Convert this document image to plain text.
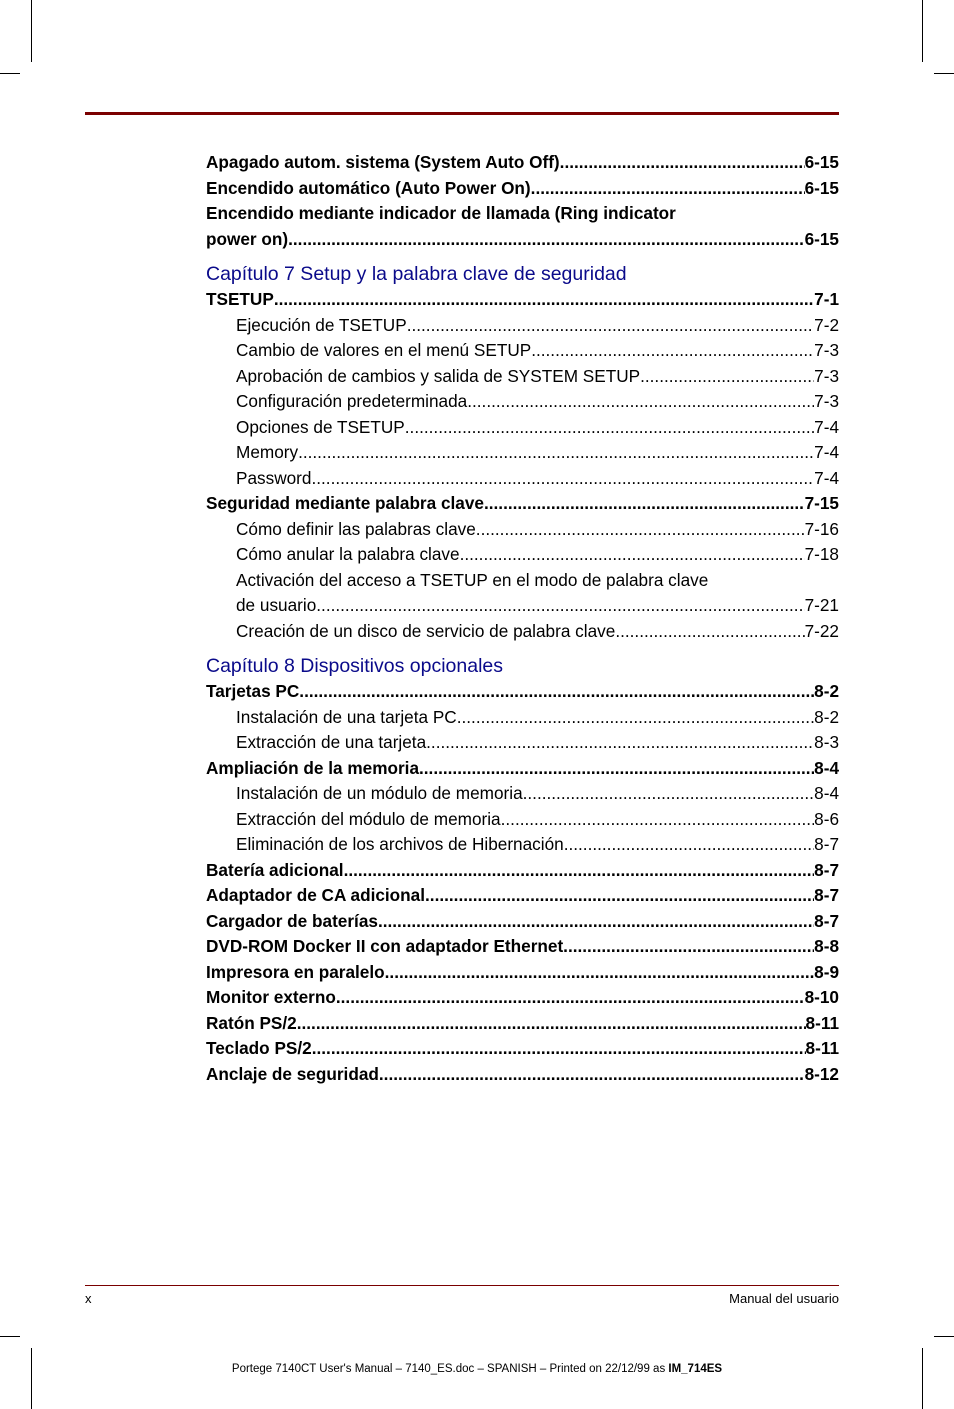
Apagado autom. sistema (System Auto Off) .....	6-15
Encendido automático (Auto Power On) .....	6-15
Encendido mediante indicador de llamada (Ring indicator
power on) .....	6-15
Capítulo 7 Setup y la palabra clave de seguridad
TSETUP .....	7-1
Ejecución de TSETUP .....	7-2
Cambio de valores en el menú SETUP .....	7-3
Aprobación de cambios y salida de SYSTEM SETUP .....	7-3
Configuración predeterminada .....	7-3
Opciones de TSETUP .....	7-4
Memory .....	7-4
Password .....	7-4
Seguridad mediante palabra clave .....	7-15
Cómo definir las palabras clave .....	7-16
Cómo anular la palabra clave .....	7-18
Activación del acceso a TSETUP en el modo de palabra clave
de usuario .....	7-21
Creación de un disco de servicio de palabra clave .....	7-22
Capítulo 8 Dispositivos opcionales
Tarjetas PC .....	8-2
Instalación de una tarjeta PC .....	8-2
Extracción de una tarjeta .....	8-3
Ampliación de la memoria .....	8-4
Instalación de un módulo de memoria .....	8-4
Extracción del módulo de memoria .....	8-6
Eliminación de los archivos de Hibernación .....	8-7
Batería adicional .....	8-7
Adaptador de CA adicional .....	8-7
Cargador de baterías .....	8-7
DVD-ROM Docker II con adaptador Ethernet .....	8-8
Impresora en paralelo .....	8-9
Monitor externo .....	8-10
Ratón PS/2 .....	8-11
Teclado PS/2 .....	8-11
Anclaje de seguridad .....	8-12
x	Manual del usuario
Portege 7140CT User's Manual – 7140_ES.doc – SPANISH – Printed on 22/12/99 as IM_714ES
